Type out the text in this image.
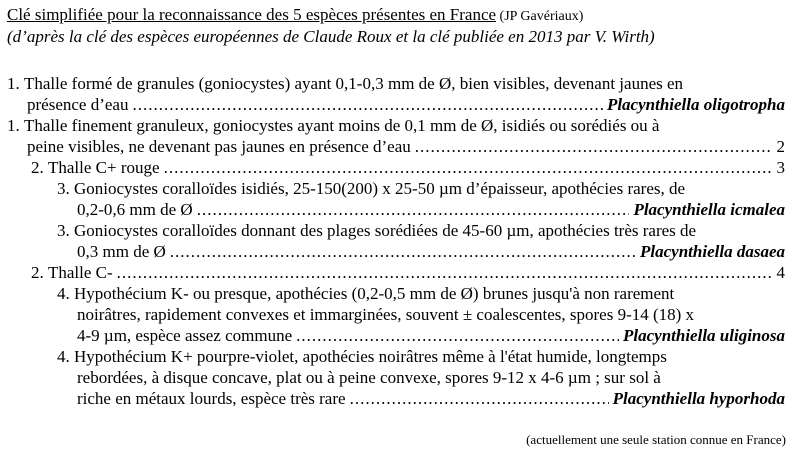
Clé simplifiée pour la reconnaissance des 5 espèces présentes en France (JP Gavériaux)
(d’après la clé des espèces européennes de Claude Roux et la clé publiée en 2013 par V. Wirth)
1.
Thalle formé de granules (goniocystes) ayant 0,1-0,3 mm de Ø, bien visibles, devenant jaunes en
présence d’eau .....	Placynthiella oligotropha
1.
Thalle finement granuleux, goniocystes ayant moins de 0,1 mm de Ø, isidiés ou sorédiés ou à
peine visibles, ne devenant pas jaunes en présence d’eau .....	2
2.
Thalle C+ rouge .....	3
3.
Goniocystes coralloïdes isidiés, 25-150(200) x 25-50 µm d’épaisseur, apothécies rares, de
0,2-0,6 mm de Ø .....	Placynthiella icmalea
3.
Goniocystes coralloïdes donnant des plages sorédiées de 45-60 µm, apothécies très rares de
0,3 mm de Ø .....	Placynthiella dasaea
2.
Thalle C- .....	4
4.
Hypothécium K- ou presque, apothécies (0,2-0,5 mm de Ø) brunes jusqu'à non rarement
noirâtres, rapidement convexes et immarginées, souvent ± coalescentes, spores 9-14 (18) x
4-9 µm, espèce assez commune .....	Placynthiella uliginosa
4.
Hypothécium K+ pourpre-violet, apothécies noirâtres même à l'état humide, longtemps
rebordées, à disque concave, plat ou à peine convexe, spores 9-12 x 4-6 µm ; sur sol à
riche en métaux lourds, espèce très rare .....	Placynthiella hyporhoda
(actuellement une seule station connue en France)
